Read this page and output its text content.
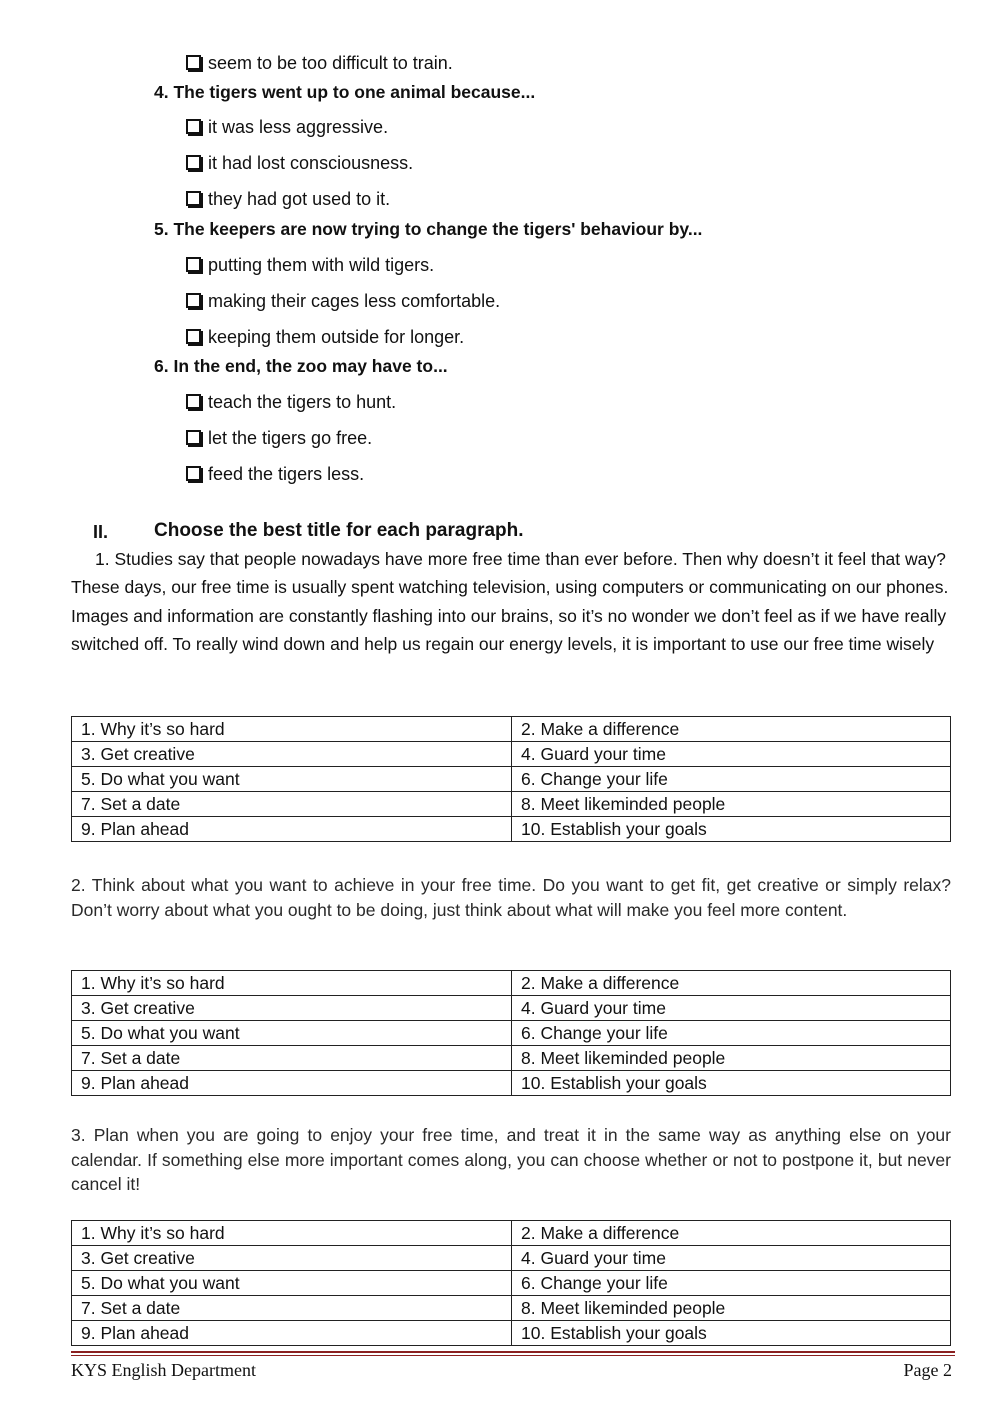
seem to be too difficult to train.
4. The tigers went up to one animal because...
it was less aggressive.
it had lost consciousness.
they had got used to it.
5. The keepers are now trying to change the tigers' behaviour by...
putting them with wild tigers.
making their cages less comfortable.
keeping them outside for longer.
6. In the end, the zoo may have to...
teach the tigers to hunt.
let the tigers go free.
feed the tigers less.
II. Choose the best title for each paragraph.

1. Studies say that people nowadays have more free time than ever before. Then why doesn’t it feel that way? These days, our free time is usually spent watching television, using computers or communicating on our phones. Images and information are constantly flashing into our brains, so it’s no wonder we don’t feel as if we have really switched off. To really wind down and help us regain our energy levels, it is important to use our free time wisely

1. Why it’s so hard	2. Make a difference
3. Get creative	4. Guard your time
5. Do what you want	6. Change your life
7. Set a date	8. Meet likeminded people
9. Plan ahead	10. Establish your goals

2. Think about what you want to achieve in your free time. Do you want to get fit, get creative or simply relax? Don’t worry about what you ought to be doing, just think about what will make you feel more content.

1. Why it’s so hard	2. Make a difference
3. Get creative	4. Guard your time
5. Do what you want	6. Change your life
7. Set a date	8. Meet likeminded people
9. Plan ahead	10. Establish your goals

3. Plan when you are going to enjoy your free time, and treat it in the same way as anything else on your calendar. If something else more important comes along, you can choose whether or not to postpone it, but never cancel it!

1. Why it’s so hard	2. Make a difference
3. Get creative	4. Guard your time
5. Do what you want	6. Change your life
7. Set a date	8. Meet likeminded people
9. Plan ahead	10. Establish your goals
KYS English Department	Page 2
